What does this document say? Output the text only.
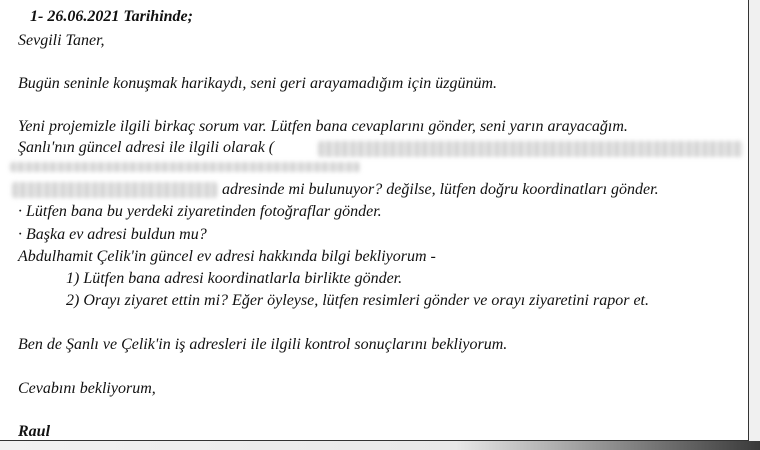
1- 26.06.2021 Tarihinde;
Sevgili Taner,
Bugün seninle konuşmak harikaydı, seni geri arayamadığım için üzgünüm.
Yeni projemizle ilgili birkaç sorum var. Lütfen bana cevaplarını gönder, seni yarın arayacağım.
Şanlı'nın güncel adresi ile ilgili olarak (
adresinde mi bulunuyor? değilse, lütfen doğru koordinatları gönder.
· Lütfen bana bu yerdeki ziyaretinden fotoğraflar gönder.
· Başka ev adresi buldun mu?
Abdulhamit Çelik'in güncel ev adresi hakkında bilgi bekliyorum -
1) Lütfen bana adresi koordinatlarla birlikte gönder.
2) Orayı ziyaret ettin mi? Eğer öyleyse, lütfen resimleri gönder ve orayı ziyaretini rapor et.
Ben de Şanlı ve Çelik'in iş adresleri ile ilgili kontrol sonuçlarını bekliyorum.
Cevabını bekliyorum,
Raul
